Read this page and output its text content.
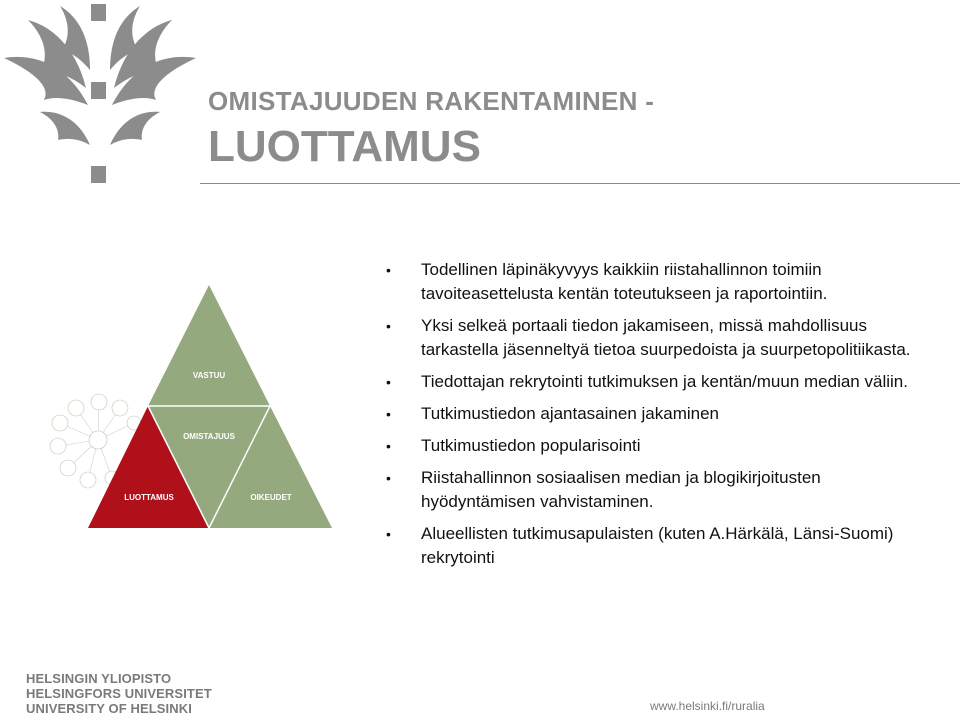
OMISTAJUUDEN RAKENTAMINEN -
LUOTTAMUS
VASTUU
OMISTAJUUS
LUOTTAMUS	OIKEUDET
• Todellinen läpinäkyvyys kaikkiin riistahallinnon toimiin tavoiteasettelusta kentän toteutukseen ja raportointiin.
• Yksi selkeä portaali tiedon jakamiseen, missä mahdollisuus tarkastella jäsenneltyä tietoa suurpedoista ja suurpetopolitiikasta.
• Tiedottajan rekrytointi tutkimuksen ja kentän/muun median väliin.
• Tutkimustiedon ajantasainen jakaminen
• Tutkimustiedon popularisointi
• Riistahallinnon sosiaalisen median ja blogikirjoitusten hyödyntämisen vahvistaminen.
• Alueellisten tutkimusapulaisten (kuten A.Härkälä, Länsi-Suomi) rekrytointi
HELSINGIN YLIOPISTO
HELSINGFORS UNIVERSITET
UNIVERSITY OF HELSINKI	www.helsinki.fi/ruralia
